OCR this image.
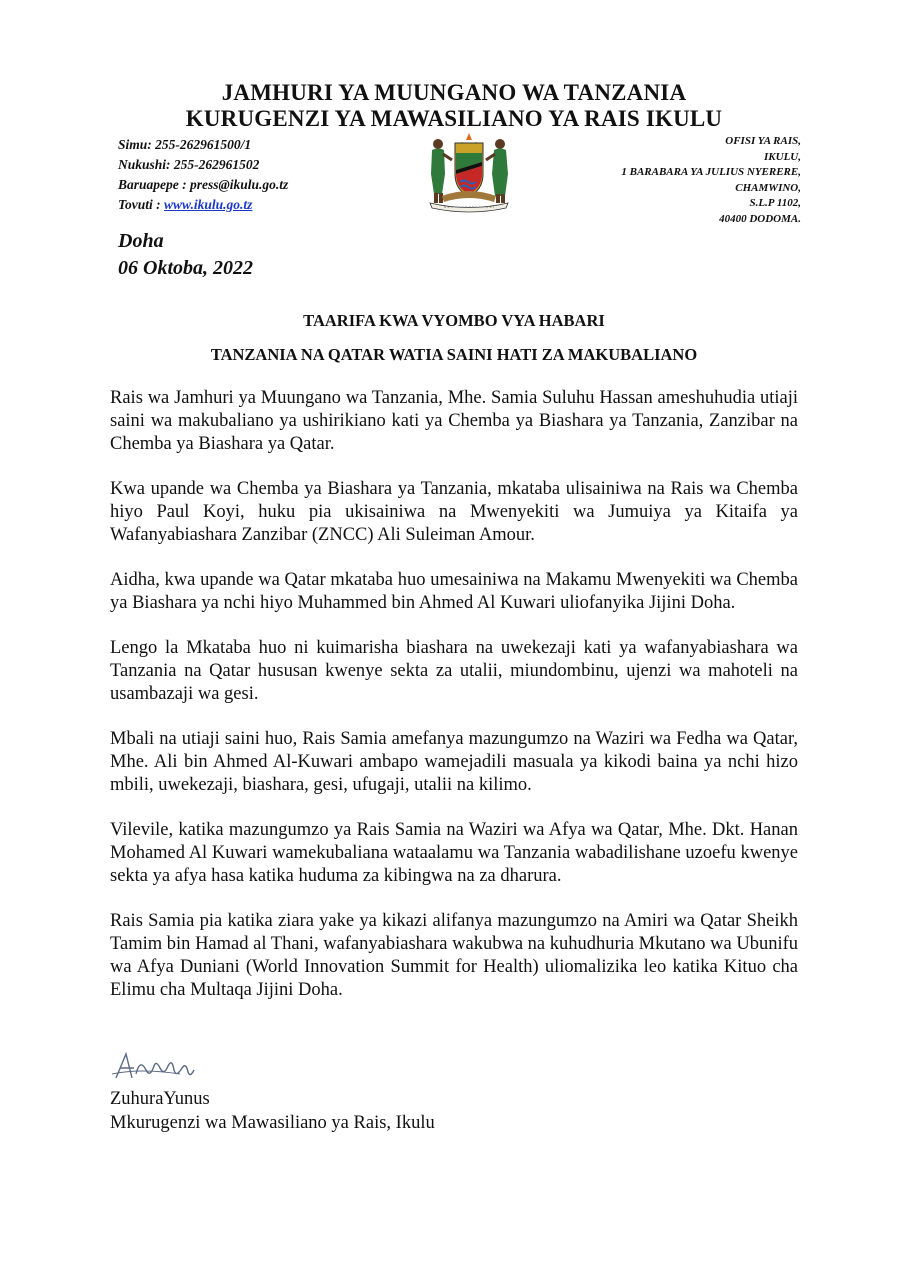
JAMHURI YA MUUNGANO WA TANZANIA
KURUGENZI YA MAWASILIANO YA RAIS IKULU
Simu: 255-262961500/1
Nukushi: 255-262961502
Baruapepe : press@ikulu.go.tz
Tovuti : www.ikulu.go.tz
OFISI YA RAIS,
IKULU,
1 BARABARA YA JULIUS NYERERE,
CHAMWINO,
S.L.P 1102,
40400 DODOMA.
Doha
06 Oktoba, 2022
TAARIFA KWA VYOMBO VYA HABARI
TANZANIA NA QATAR WATIA SAINI HATI ZA MAKUBALIANO

Rais wa Jamhuri ya Muungano wa Tanzania, Mhe. Samia Suluhu Hassan ameshuhudia utiaji saini wa makubaliano ya ushirikiano kati ya Chemba ya Biashara ya Tanzania, Zanzibar na Chemba ya Biashara ya Qatar.

Kwa upande wa Chemba ya Biashara ya Tanzania, mkataba ulisainiwa na Rais wa Chemba hiyo Paul Koyi, huku pia ukisainiwa na Mwenyekiti wa Jumuiya ya Kitaifa ya Wafanyabiashara Zanzibar (ZNCC) Ali Suleiman Amour.

Aidha, kwa upande wa Qatar mkataba huo umesainiwa na Makamu Mwenyekiti wa Chemba ya Biashara ya nchi hiyo Muhammed bin Ahmed Al Kuwari uliofanyika Jijini Doha.

Lengo la Mkataba huo ni kuimarisha biashara na uwekezaji kati ya wafanyabiashara wa Tanzania na Qatar hususan kwenye sekta za utalii, miundombinu, ujenzi wa mahoteli na usambazaji wa gesi.

Mbali na utiaji saini huo, Rais Samia amefanya mazungumzo na Waziri wa Fedha wa Qatar, Mhe. Ali bin Ahmed Al-Kuwari ambapo wamejadili masuala ya kikodi baina ya nchi hizo mbili, uwekezaji, biashara, gesi, ufugaji, utalii na kilimo.

Vilevile, katika mazungumzo ya Rais Samia na Waziri wa Afya wa Qatar, Mhe. Dkt. Hanan Mohamed Al Kuwari wamekubaliana wataalamu wa Tanzania wabadilishane uzoefu kwenye sekta ya afya hasa katika huduma za kibingwa na za dharura.

Rais Samia pia katika ziara yake ya kikazi alifanya mazungumzo na Amiri wa Qatar Sheikh Tamim bin Hamad al Thani, wafanyabiashara wakubwa na kuhudhuria Mkutano wa Ubunifu wa Afya Duniani (World Innovation Summit for Health) uliomalizika leo katika Kituo cha Elimu cha Multaqa Jijini Doha.

ZuhuraYunus
Mkurugenzi wa Mawasiliano ya Rais, Ikulu
